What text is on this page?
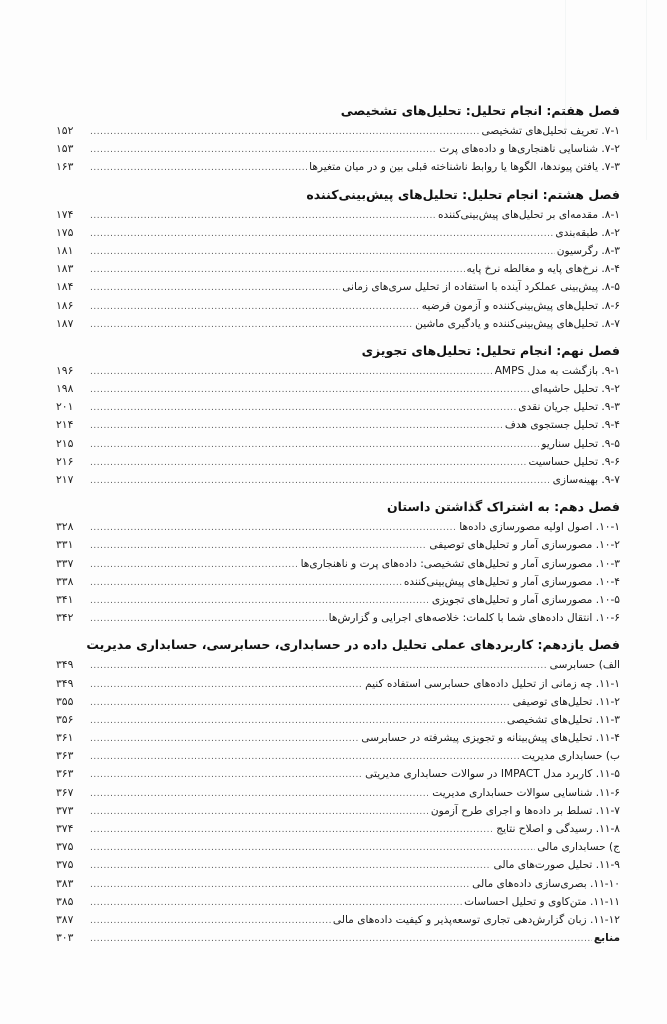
فصل هفتم: انجام تحلیل: تحلیل‌های تشخیصی
۷-۱. تعریف تحلیل‌های تشخیصی
.....
۱۵۲
۷-۲. شناسایی ناهنجاری‌ها و داده‌های پرت
.....
۱۵۳
۷-۳. یافتن پیوندها، الگوها یا روابط ناشناخته قبلی بین و در میان متغیرها
.....
۱۶۳
فصل هشتم: انجام تحلیل: تحلیل‌های پیش‌بینی‌کننده
۸-۱. مقدمه‌ای بر تحلیل‌های پیش‌بینی‌کننده
.....
۱۷۴
۸-۲. طبقه‌بندی
.....
۱۷۵
۸-۳. رگرسیون
.....
۱۸۱
۸-۴. نرخ‌های پایه و مغالطه نرخ پایه
.....
۱۸۳
۸-۵. پیش‌بینی عملکرد آینده با استفاده از تحلیل سری‌های زمانی
.....
۱۸۴
۸-۶. تحلیل‌های پیش‌بینی‌کننده و آزمون فرضیه
.....
۱۸۶
۸-۷. تحلیل‌های پیش‌بینی‌کننده و یادگیری ماشین
.....
۱۸۷
فصل نهم: انجام تحلیل: تحلیل‌های تجویزی
۹-۱. بازگشت به مدل AMPS
.....
۱۹۶
۹-۲. تحلیل حاشیه‌ای
.....
۱۹۸
۹-۳. تحلیل جریان نقدی
.....
۲۰۱
۹-۴. تحلیل جستجوی هدف
.....
۲۱۴
۹-۵. تحلیل سناریو
.....
۲۱۵
۹-۶. تحلیل حساسیت
.....
۲۱۶
۹-۷. بهینه‌سازی
.....
۲۱۷
فصل دهم: به اشتراک گذاشتن داستان
۱۰-۱. اصول اولیه مصورسازی داده‌ها
.....
۳۲۸
۱۰-۲. مصورسازی آمار و تحلیل‌های توصیفی
.....
۳۳۱
۱۰-۳. مصورسازی آمار و تحلیل‌های تشخیصی: داده‌های پرت و ناهنجاری‌ها
.....
۳۳۷
۱۰-۴. مصورسازی آمار و تحلیل‌های پیش‌بینی‌کننده
.....
۳۳۸
۱۰-۵. مصورسازی آمار و تحلیل‌های تجویزی
.....
۳۴۱
۱۰-۶. انتقال داده‌های شما با کلمات: خلاصه‌های اجرایی و گزارش‌ها
.....
۳۴۲
فصل یازدهم: کاربردهای عملی تحلیل داده در حسابداری، حسابرسی، حسابداری مدیریت
الف) حسابرسی
.....
۳۴۹
۱۱-۱. چه زمانی از تحلیل داده‌های حسابرسی استفاده کنیم
.....
۳۴۹
۱۱-۲. تحلیل‌های توصیفی
.....
۳۵۵
۱۱-۳. تحلیل‌های تشخیصی
.....
۳۵۶
۱۱-۴. تحلیل‌های پیش‌بینانه و تجویزی پیشرفته در حسابرسی
.....
۳۶۱
ب) حسابداری مدیریت
.....
۳۶۳
۱۱-۵. کاربرد مدل IMPACT در سوالات حسابداری مدیریتی
.....
۳۶۳
۱۱-۶. شناسایی سوالات حسابداری مدیریت
.....
۳۶۷
۱۱-۷. تسلط بر داده‌ها و اجرای طرح آزمون
.....
۳۷۳
۱۱-۸. رسیدگی و اصلاح نتایج
.....
۳۷۴
ج) حسابداری مالی
.....
۳۷۵
۱۱-۹. تحلیل صورت‌های مالی
.....
۳۷۵
۱۱-۱۰. بصری‌سازی داده‌های مالی
.....
۳۸۳
۱۱-۱۱. متن‌کاوی و تحلیل احساسات
.....
۳۸۵
۱۱-۱۲. زبان گزارش‌دهی تجاری توسعه‌پذیر و کیفیت داده‌های مالی
.....
۳۸۷
منابع
.....
۳۰۳
